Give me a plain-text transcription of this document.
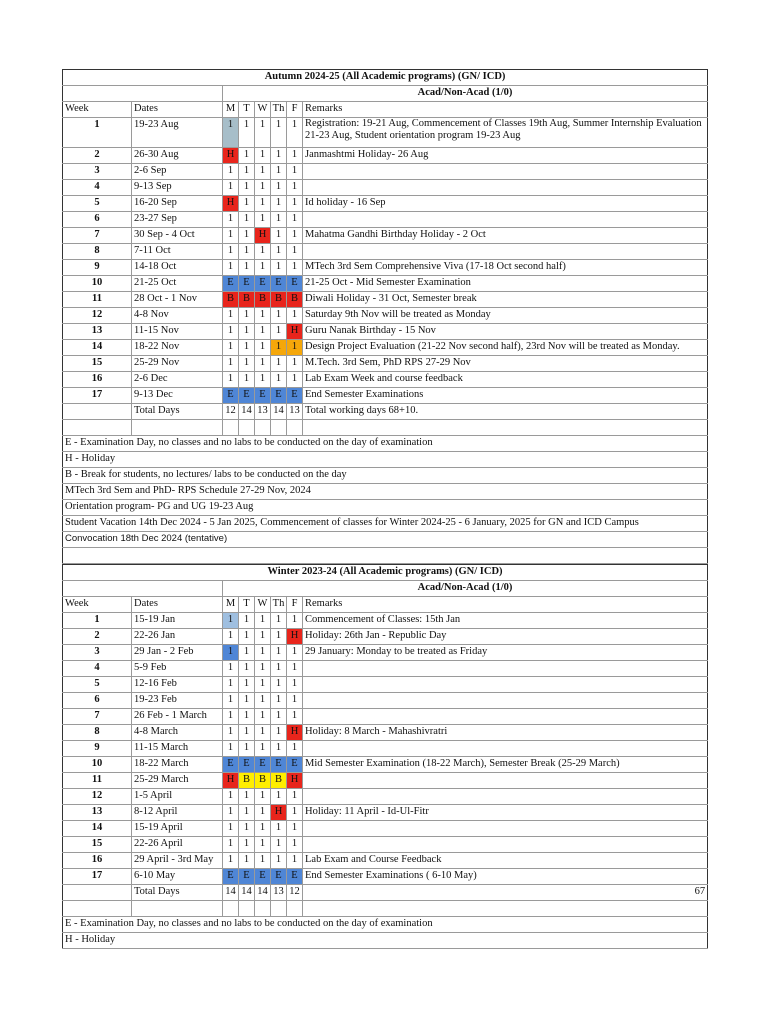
Autumn 2024-25 (All Academic programs) (GN/ ICD)							
		Acad/Non-Acad (1/0)					
Week	Dates	M	T	W	Th	F	Remarks
1	19-23 Aug	1	1	1	1	1	Registration: 19-21 Aug, Commencement of Classes 19th Aug, Summer Internship Evaluation 21-23 Aug, Student orientation program 19-23 Aug
2	26-30 Aug	H	1	1	1	1	Janmashtmi Holiday- 26 Aug
3	2-6 Sep	1	1	1	1	1	
4	9-13 Sep	1	1	1	1	1	
5	16-20 Sep	H	1	1	1	1	Id holiday - 16 Sep
6	23-27 Sep	1	1	1	1	1	
7	30 Sep - 4 Oct	1	1	H	1	1	Mahatma Gandhi Birthday Holiday - 2 Oct
8	7-11 Oct	1	1	1	1	1	
9	14-18 Oct	1	1	1	1	1	MTech 3rd Sem Comprehensive Viva (17-18 Oct second half)
10	21-25 Oct	E	E	E	E	E	21-25 Oct - Mid Semester Examination
11	28 Oct - 1 Nov	B	B	B	B	B	Diwali Holiday - 31 Oct, Semester break
12	4-8 Nov	1	1	1	1	1	Saturday 9th Nov will be treated as Monday
13	11-15 Nov	1	1	1	1	H	Guru Nanak Birthday - 15 Nov
14	18-22 Nov	1	1	1	1	1	Design Project Evaluation (21-22 Nov second half), 23rd Nov will be treated as Monday.
15	25-29 Nov	1	1	1	1	1	M.Tech. 3rd Sem, PhD RPS 27-29 Nov
16	2-6 Dec	1	1	1	1	1	Lab Exam Week and course feedback
17	9-13 Dec	E	E	E	E	E	End Semester Examinations
	Total Days	12	14	13	14	13	Total working days 68+10.

E - Examination Day, no classes and no labs to be conducted on the day of examination							
H - Holiday							
B - Break for students, no lectures/ labs to be conducted on the day							
MTech 3rd Sem and PhD- RPS Schedule 27-29 Nov, 2024							
Orientation program- PG and UG 19-23 Aug							
Student Vacation 14th Dec 2024 - 5 Jan 2025, Commencement of classes for Winter 2024-25 - 6 January, 2025 for GN and ICD Campus							
Convocation 18th Dec 2024 (tentative)							

Winter 2023-24 (All Academic programs) (GN/ ICD)							
		Acad/Non-Acad (1/0)					
Week	Dates	M	T	W	Th	F	Remarks
1	15-19 Jan	1	1	1	1	1	Commencement of Classes: 15th Jan
2	22-26 Jan	1	1	1	1	H	Holiday: 26th Jan - Republic Day
3	29 Jan - 2 Feb	1	1	1	1	1	29 January: Monday to be treated as Friday
4	5-9 Feb	1	1	1	1	1	
5	12-16 Feb	1	1	1	1	1	
6	19-23 Feb	1	1	1	1	1	
7	26 Feb - 1 March	1	1	1	1	1	
8	4-8 March	1	1	1	1	H	Holiday: 8 March - Mahashivratri
9	11-15 March	1	1	1	1	1	
10	18-22 March	E	E	E	E	E	Mid Semester Examination (18-22 March), Semester Break (25-29 March)
11	25-29 March	H	B	B	B	H	
12	1-5 April	1	1	1	1	1	
13	8-12 April	1	1	1	H	1	Holiday: 11 April - Id-Ul-Fitr
14	15-19 April	1	1	1	1	1	
15	22-26 April	1	1	1	1	1	
16	29 April - 3rd May	1	1	1	1	1	Lab Exam and Course Feedback
17	6-10 May	E	E	E	E	E	End Semester Examinations ( 6-10 May)
	Total Days	14	14	14	13	12	67

E - Examination Day, no classes and no labs to be conducted on the day of examination							
H - Holiday							
